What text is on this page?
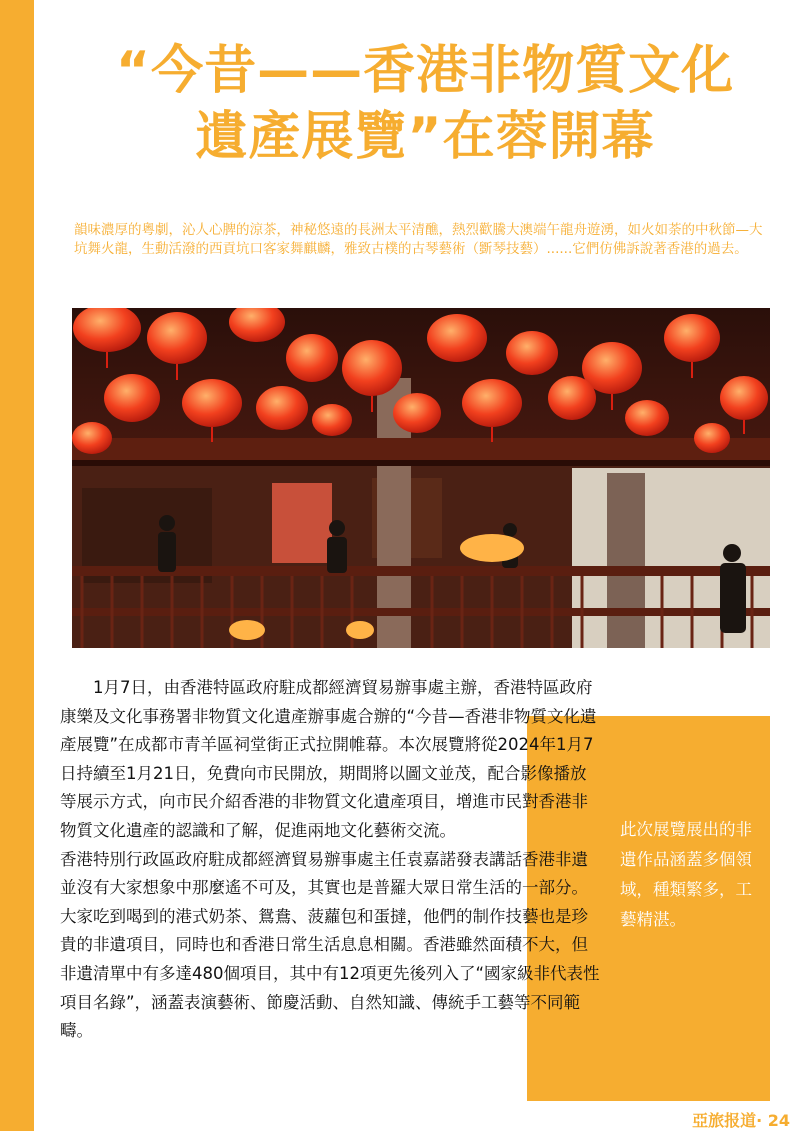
“今昔——香港非物質文化
遺產展覽”在蓉開幕

韻味濃厚的粵劇，沁人心脾的涼茶，神秘悠遠的長洲太平清醮，熱烈歡騰大澳端午龍舟遊湧，如火如荼的中秋節—大坑舞火龍，生動活潑的西貢坑口客家舞麒麟，雅致古樸的古琴藝術（斵琴技藝）......它們仿佛訴說著香港的過去。

此次展覽展出的非遺作品涵蓋多個領域，種類繁多，工藝精湛。

1月7日，由香港特區政府駐成都經濟貿易辦事處主辦，香港特區政府康樂及文化事務署非物質文化遺產辦事處合辦的“今昔—香港非物質文化遺產展覽”在成都市青羊區祠堂街正式拉開帷幕。本次展覽將從2024年1月7日持續至1月21日，免費向市民開放，期間將以圖文並茂，配合影像播放等展示方式，向市民介紹香港的非物質文化遺產項目，增進市民對香港非物質文化遺產的認識和了解，促進兩地文化藝術交流。

香港特別行政區政府駐成都經濟貿易辦事處主任袁嘉諾發表講話香港非遺並沒有大家想象中那麼遙不可及，其實也是普羅大眾日常生活的一部分。大家吃到喝到的港式奶茶、鴛鴦、菠蘿包和蛋撻，他們的制作技藝也是珍貴的非遺項目，同時也和香港日常生活息息相關。香港雖然面積不大，但非遺清單中有多達480個項目，其中有12項更先後列入了“國家級非代表性項目名錄”，涵蓋表演藝術、節慶活動、自然知識、傳統手工藝等不同範疇。

亞旅报道· 24
